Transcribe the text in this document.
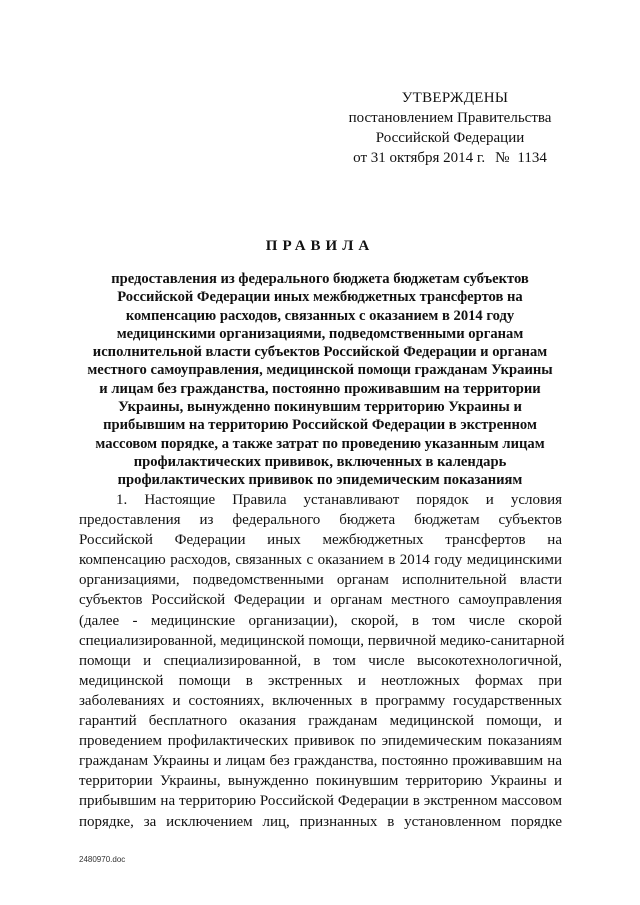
УТВЕРЖДЕНЫ
постановлением Правительства
Российской Федерации
от 31 октября 2014 г. № 1134
ПРАВИЛА
предоставления из федерального бюджета бюджетам субъектов
Российской Федерации иных межбюджетных трансфертов на
компенсацию расходов, связанных с оказанием в 2014 году
медицинскими организациями, подведомственными органам
исполнительной власти субъектов Российской Федерации и органам
местного самоуправления, медицинской помощи гражданам Украины
и лицам без гражданства, постоянно проживавшим на территории
Украины, вынужденно покинувшим территорию Украины и
прибывшим на территорию Российской Федерации в экстренном
массовом порядке, а также затрат по проведению указанным лицам
профилактических прививок, включенных в календарь
профилактических прививок по эпидемическим показаниям
1. Настоящие Правила устанавливают порядок и условия
предоставления из федерального бюджета бюджетам субъектов
Российской Федерации иных межбюджетных трансфертов на
компенсацию расходов, связанных с оказанием в 2014 году медицинскими
организациями, подведомственными органам исполнительной власти
субъектов Российской Федерации и органам местного самоуправления
(далее - медицинские организации), скорой, в том числе скорой
специализированной, медицинской помощи, первичной медико-санитарной
помощи и специализированной, в том числе высокотехнологичной,
медицинской помощи в экстренных и неотложных формах при
заболеваниях и состояниях, включенных в программу государственных
гарантий бесплатного оказания гражданам медицинской помощи, и
проведением профилактических прививок по эпидемическим показаниям
гражданам Украины и лицам без гражданства, постоянно проживавшим на
территории Украины, вынужденно покинувшим территорию Украины и
прибывшим на территорию Российской Федерации в экстренном массовом
порядке, за исключением лиц, признанных в установленном порядке
2480970.doc
